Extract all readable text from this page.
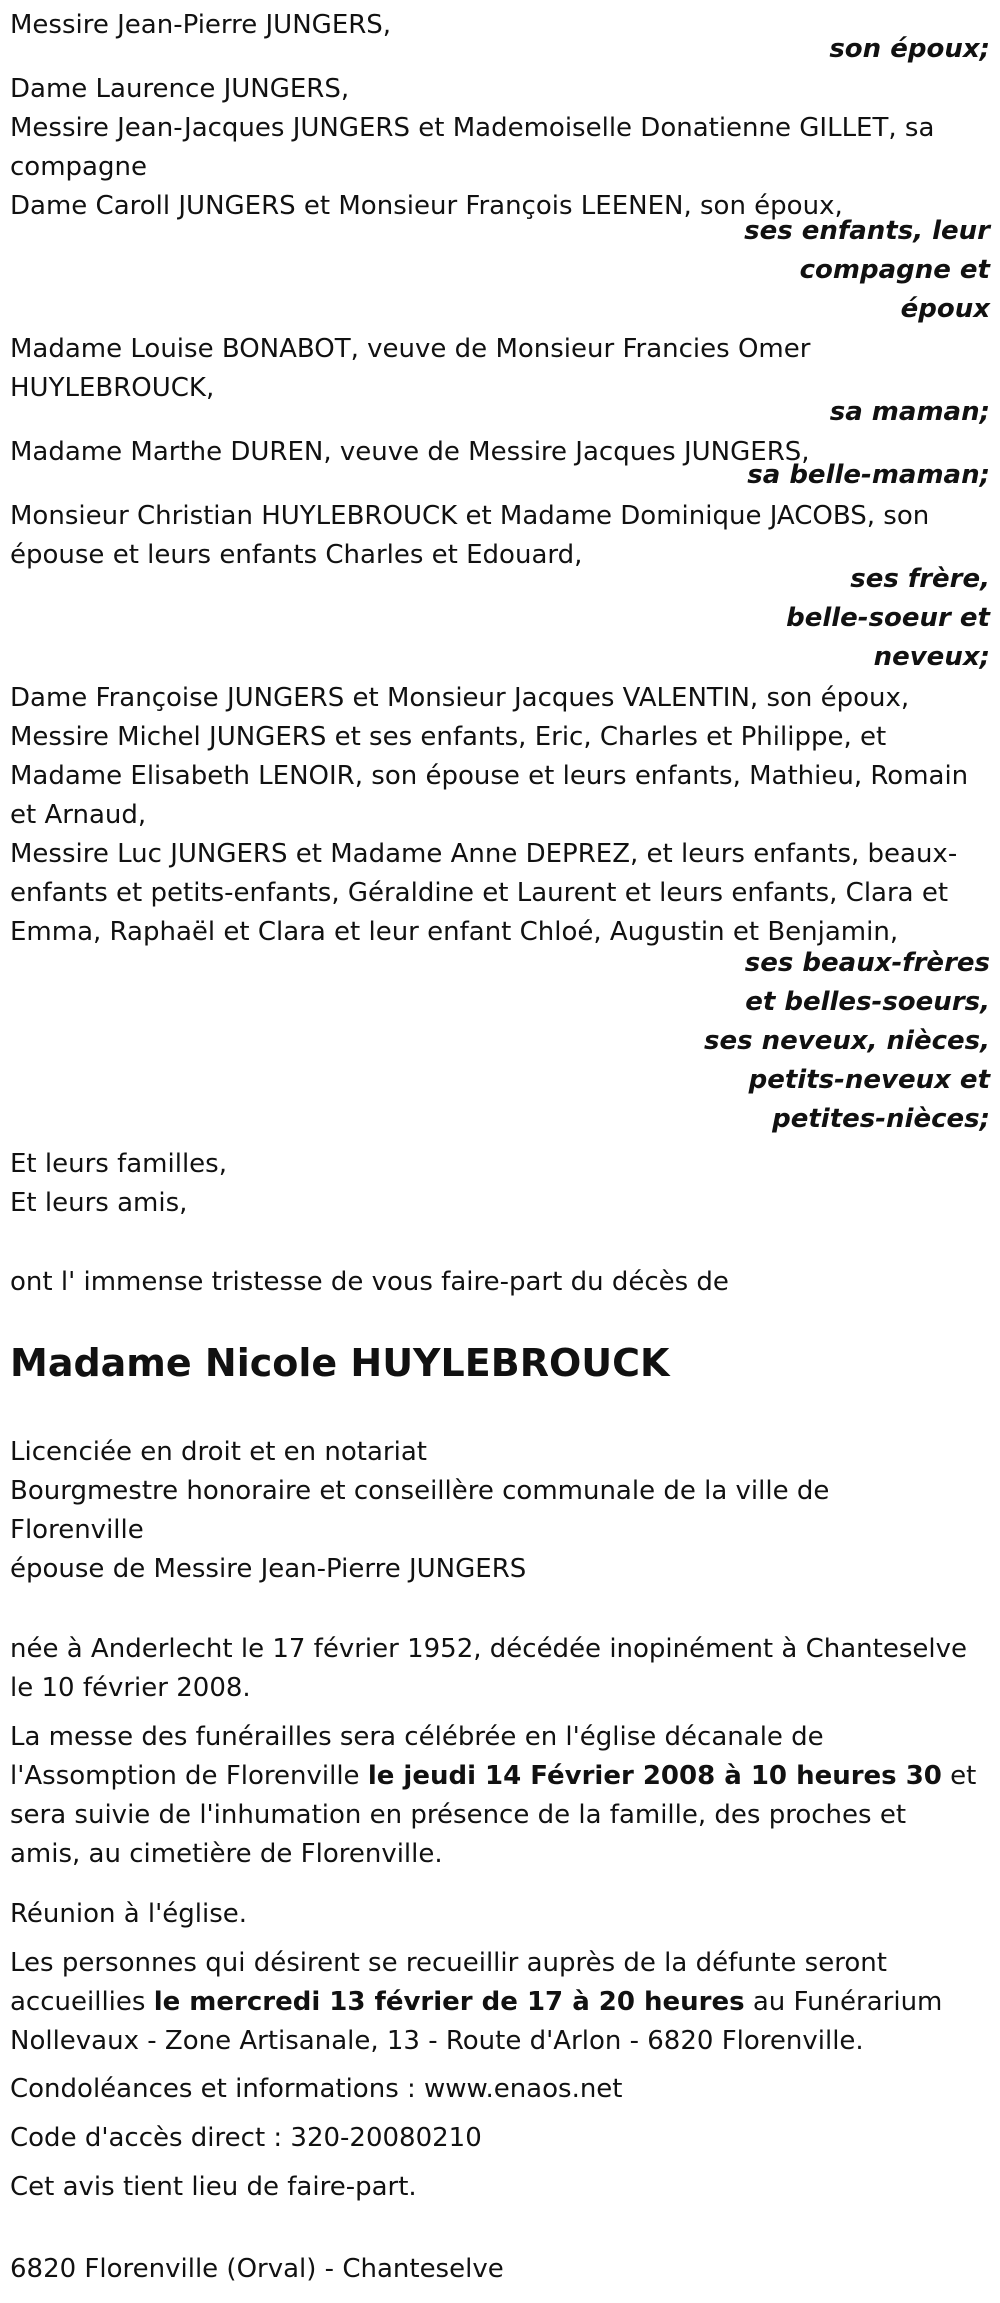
Messire Jean-Pierre JUNGERS,
son époux;
Dame Laurence JUNGERS,
Messire Jean-Jacques JUNGERS et Mademoiselle Donatienne GILLET, sa
compagne
Dame Caroll JUNGERS et Monsieur François LEENEN, son époux,
ses enfants, leur
compagne et
époux
Madame Louise BONABOT, veuve de Monsieur Francies Omer
HUYLEBROUCK,
sa maman;
Madame Marthe DUREN, veuve de Messire Jacques JUNGERS,
sa belle-maman;
Monsieur Christian HUYLEBROUCK et Madame Dominique JACOBS, son
épouse et leurs enfants Charles et Edouard,
ses frère,
belle-soeur et
neveux;
Dame Françoise JUNGERS et Monsieur Jacques VALENTIN, son époux,
Messire Michel JUNGERS et ses enfants, Eric, Charles et Philippe, et
Madame Elisabeth LENOIR, son épouse et leurs enfants, Mathieu, Romain
et Arnaud,
Messire Luc JUNGERS et Madame Anne DEPREZ, et leurs enfants, beaux-
enfants et petits-enfants, Géraldine et Laurent et leurs enfants, Clara et
Emma, Raphaël et Clara et leur enfant Chloé, Augustin et Benjamin,
ses beaux-frères
et belles-soeurs,
ses neveux, nièces,
petits-neveux et
petites-nièces;
Et leurs familles,
Et leurs amis,
ont l' immense tristesse de vous faire-part du décès de
Madame Nicole HUYLEBROUCK
Licenciée en droit et en notariat
Bourgmestre honoraire et conseillère communale de la ville de
Florenville
épouse de Messire Jean-Pierre JUNGERS
née à Anderlecht le 17 février 1952, décédée inopinément à Chanteselve
le 10 février 2008.
La messe des funérailles sera célébrée en l'église décanale de
l'Assomption de Florenville le jeudi 14 Février 2008 à 10 heures 30 et
sera suivie de l'inhumation en présence de la famille, des proches et
amis, au cimetière de Florenville.
Réunion à l'église.
Les personnes qui désirent se recueillir auprès de la défunte seront
accueillies le mercredi 13 février de 17 à 20 heures au Funérarium
Nollevaux - Zone Artisanale, 13 - Route d'Arlon - 6820 Florenville.
Condoléances et informations : www.enaos.net
Code d'accès direct : 320-20080210
Cet avis tient lieu de faire-part.
6820 Florenville (Orval) - Chanteselve
